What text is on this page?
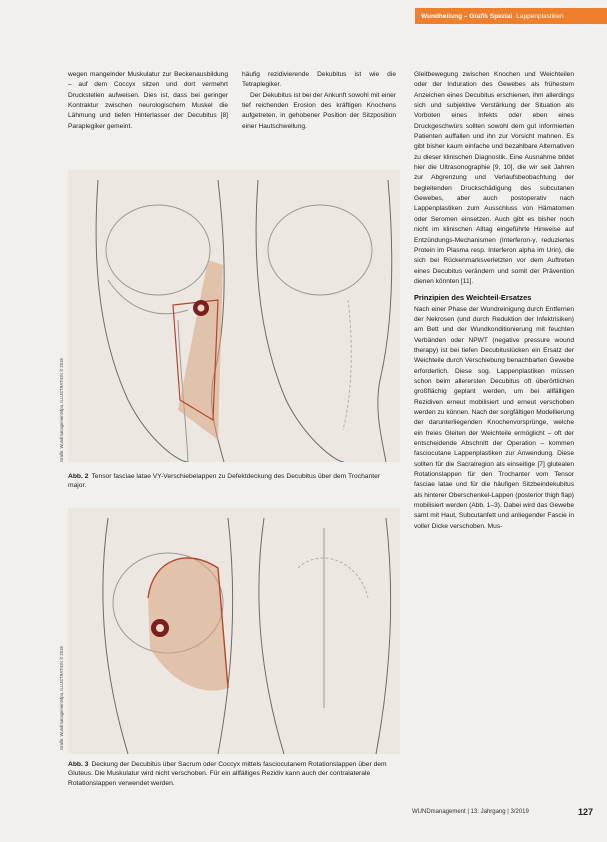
Wundheilung – Grafik Spezial Lappenplastiken

wegen mangelnder Muskulatur zur Beckenausbildung – auf dem Coccyx sitzen und dort vermehrt Druckstellen aufweisen. Dies ist, dass bei geringer Kontraktur zwischen neurologischem Muskel die Lähmung und tiefen Hinterlasser der Decubitus [8] Paraplegiker gemeint.

häufig rezidivierende Dekubitus ist wie die Tetraplegiker.

Der Dekubitus ist bei der Ankunft sowohl mit einer tief reichenden Erosion des kräftigen Knochens aufgetreten, in gehobener Position der Sitzposition einer Hautschwellung.

Gleitbewegung zwischen Knochen und Weichteilen oder der Induration des Gewebes als frühestem Anzeichen eines Decubitus erschienen, ihm allerdings sich und subjektive Verstärkung der Situation als Vorboten eines Infekts oder eben eines Druckgeschwürs sollten sowohl dem gut informierten Patienten auffallen und ihn zur Vorsicht mahnen. Es gibt bisher kaum einfache und bezahlbare Alternativen zu dieser klinischen Diagnostik. Eine Ausnahme bildet hier die Ultrasonographie [9, 10], die wir seit Jahren zur Abgrenzung und Verlaufsbeobachtung der begleitenden Druckschädigung des subcutanen Gewebes, aber auch postoperativ nach Lappenplastiken zum Ausschluss von Hämatomen oder Seromen einsetzen. Auch gibt es bisher noch nicht im klinischen Alltag eingeführte Hinweise auf Entzündungs-Mechanismen (Interferon-γ, reduziertes Protein im Plasma resp. Interferon alpha im Urin), die sich bei Rückenmarksverletzten vor dem Auftreten eines Decubitus verändern und somit der Prävention dienen könnten [11].

Prinzipien des Weichteil-Ersatzes

Nach einer Phase der Wundreinigung durch Entfernen der Nekrosen (und durch Reduktion der Infektrisiken) am Bett und der Wundkonditionierung mit feuchten Verbänden oder NPWT (negative pressure wound therapy) ist bei tiefen Decubituslücken ein Ersatz der Weichteile durch Verschiebung benachbarten Gewebe erforderlich. Diese sog. Lappenplastiken müssen schon beim allerersten Decubitus oft überörtlichen großflächig geplant werden, um bei allfälligen Rezidiven erneut mobilisiert und erneut verschoben werden zu können. Nach der sorgfältigen Modellierung der darunterliegenden Knochenvorsprünge, welche ein freies Gleiten der Weichteile ermöglicht – oft der entscheidende Abschnitt der Operation – kommen fasciocutane Lappenplastiken zur Anwendung. Diese sollten für die Sacralregion als einseitige [7] glutealen Rotationslappen für den Trochanter vom Tensor fasciae latae und für die häufigen Sitzbeindekubitus als hinterer Oberschenkel-Lappen (posterior thigh flap) mobilisiert werden (Abb. 1–3). Dabei wird das Gewebe samt mit Haut, Subcutanfett und anliegender Fascie in voller Dicke verschoben. Mus-

Grafik: Wundmanagement/dpa, ILLUSTRATION © 2019
Abb. 2 Tensor fasciae latae VY-Verschiebelappen zu Defektdeckung des Decubitus über dem Trochanter major.
Grafik: Wundmanagement/dpa, ILLUSTRATION © 2019
Abb. 3 Deckung der Decubitus über Sacrum oder Coccyx mittels fasciocutanem Rotationslappen über dem Gluteus. Die Muskulatur wird nicht verschoben. Für ein allfälliges Rezidiv kann auch der contralaterale Rotationslappen verwendet werden.
WUNDmanagement | 13. Jahrgang | 3/2019	127
